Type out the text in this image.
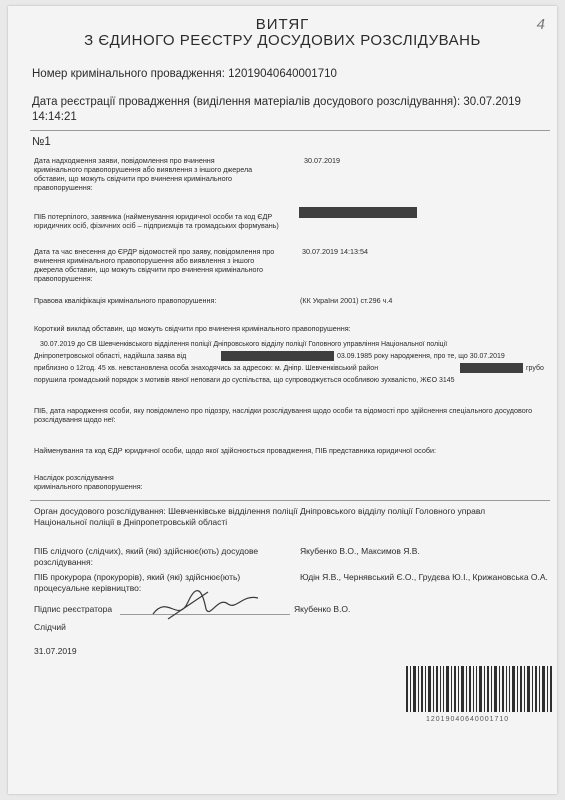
4
ВИТЯГ
З ЄДИНОГО РЕЄСТРУ ДОСУДОВИХ РОЗСЛІДУВАНЬ
Номер кримінального провадження: 12019040640001710
Дата реєстрації провадження (виділення матеріалів досудового розслідування): 30.07.2019
14:14:21
№1
Дата надходження заяви, повідомлення про вчинення кримінального правопорушення або виявлення з іншого джерела обставин, що можуть свідчити про вчинення кримінального правопорушення:
30.07.2019
ПІБ потерпілого, заявника (найменування юридичної особи та код ЄДР юридичних осіб, фізичних осіб – підприємців та громадських формувань)
Дата та час внесення до ЄРДР відомостей про заяву, повідомлення про вчинення кримінального правопорушення або виявлення з іншого джерела обставин, що можуть свідчити про вчинення кримінального правопорушення:
30.07.2019 14:13:54
Правова кваліфікація кримінального правопорушення:	(КК України 2001) ст.296 ч.4
Короткий виклад обставин, що можуть свідчити про вчинення кримінального правопорушення:
30.07.2019 до СВ Шевченківського відділення поліції Дніпровського відділу поліції Головного управління Національної поліції
Дніпропетровської області, надійшла заява від	03.09.1985 року народження, про те, що 30.07.2019
приблизно о 12год. 45 хв. невстановлена особа знаходячись за адресою: м. Дніпр. Шевченківський район	грубо
порушила громадський порядок з мотивів явної неповаги до суспільства, що супроводжується особливою зухвалістю, ЖЄО 3145
ПІБ, дата народження особи, яку повідомлено про підозру, наслідки розслідування щодо особи та відомості про здійснення спеціального досудового розслідування щодо неї:
Найменування та код ЄДР юридичної особи, щодо якої здійснюється провадження, ПІБ представника юридичної особи:
Наслідок розслідування кримінального правопорушення:
Орган досудового розслідування: Шевченківське відділення поліції Дніпровського відділу поліції Головного управл
Національної поліції в Дніпропетровській області
ПІБ слідчого (слідчих), який (які) здійснює(ють) досудове розслідування:
Якубенко В.О., Максимов Я.В.
ПІБ прокурора (прокурорів), який (які) здійснює(ють) процесуальне керівництво:
Юдін Я.В., Чернявський Є.О., Грудєва Ю.І., Крижановська О.А.
Підпис реєстратора	Якубенко В.О.
Слідчий
31.07.2019
12019040640001710
